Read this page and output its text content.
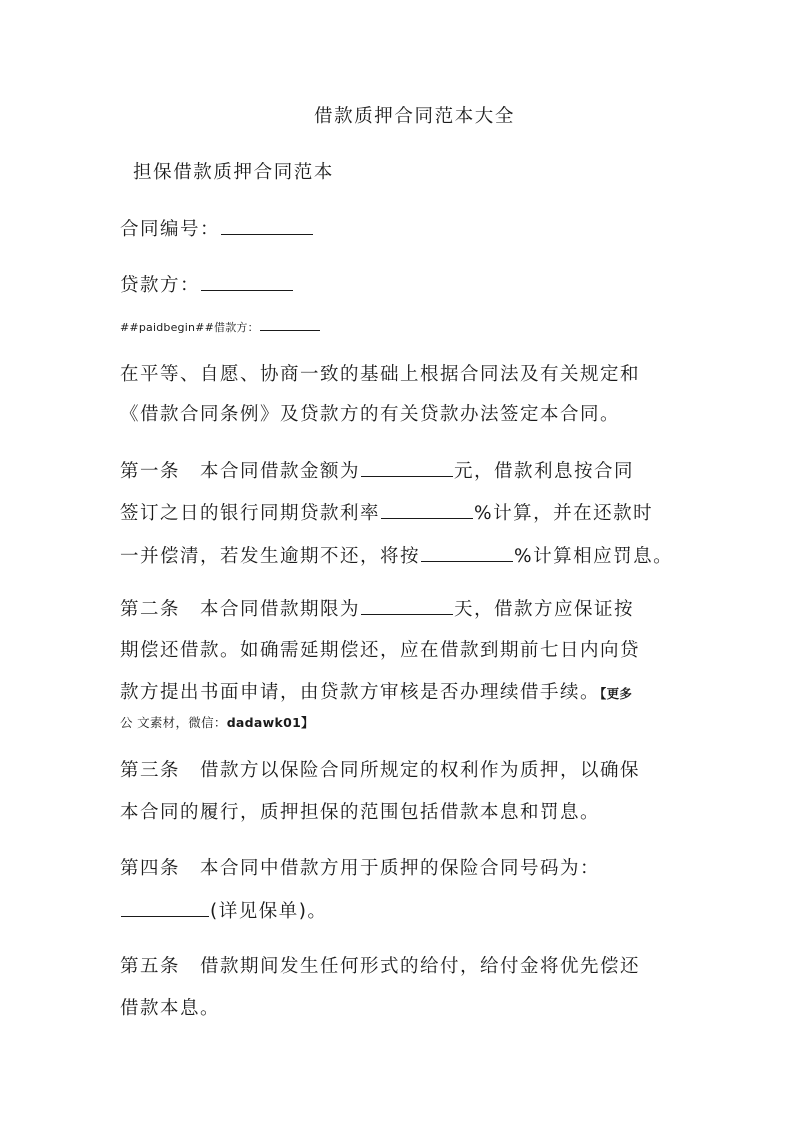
借款质押合同范本大全
担保借款质押合同范本
合同编号：
贷款方：
##paidbegin##借款方：
在平等、自愿、协商一致的基础上根据合同法及有关规定和
《借款合同条例》及贷款方的有关贷款办法签定本合同。
第一条　本合同借款金额为	元，借款利息按合同
签订之日的银行同期贷款利率	%计算，并在还款时
一并偿清，若发生逾期不还，将按	%计算相应罚息。
第二条　本合同借款期限为	天，借款方应保证按
期偿还借款。如确需延期偿还，应在借款到期前七日内向贷
款方提出书面申请，由贷款方审核是否办理续借手续。【更多
公 文素材，微信：dadawk01】
第三条　借款方以保险合同所规定的权利作为质押，以确保
本合同的履行，质押担保的范围包括借款本息和罚息。
第四条　本合同中借款方用于质押的保险合同号码为：
(详见保单)。
第五条　借款期间发生任何形式的给付，给付金将优先偿还
借款本息。
